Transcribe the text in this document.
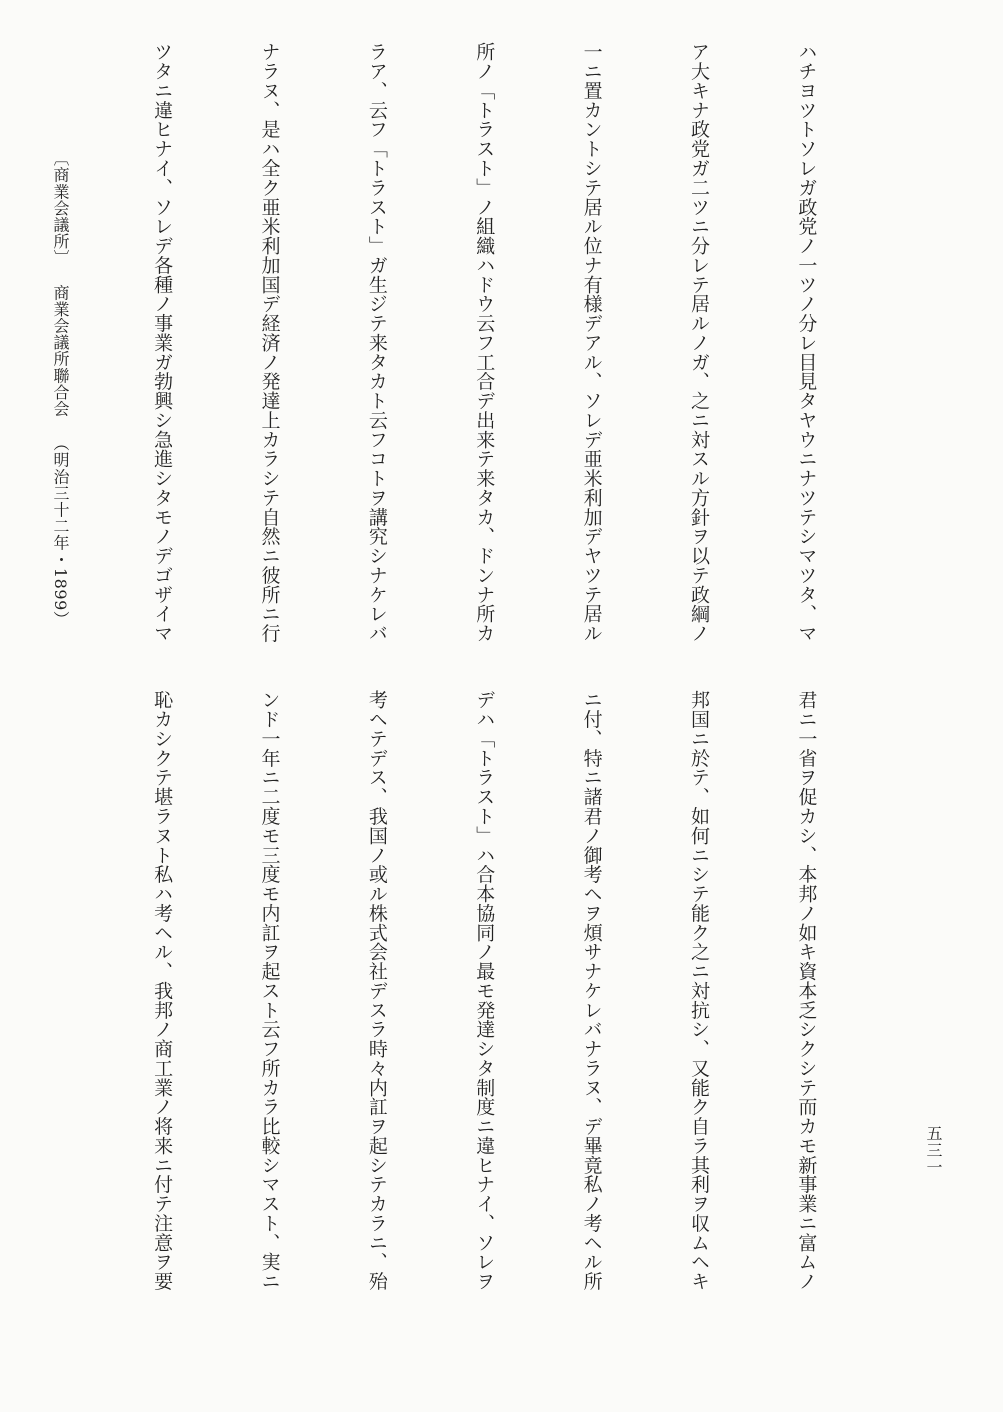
ハチヨツトソレガ政党ノ一ツノ分レ目見タヤウニナツテシマツタ、マ

ア大キナ政党ガ二ツニ分レテ居ルノガ、之ニ対スル方針ヲ以テ政綱ノ

一ニ置カントシテ居ル位ナ有様デアル、ソレデ亜米利加デヤツテ居ル

所ノ「トラスト」ノ組織ハドウ云フ工合デ出来テ来タカ、ドンナ所カ

ラア、云フ「トラスト」ガ生ジテ来タカト云フコトヲ講究シナケレバ

ナラヌ、是ハ全ク亜米利加国デ経済ノ発達上カラシテ自然ニ彼所ニ行

ツタニ違ヒナイ、ソレデ各種ノ事業ガ勃興シ急進シタモノデゴザイマ

君ニ一省ヲ促カシ、本邦ノ如キ資本乏シクシテ而カモ新事業ニ富ムノ

邦国ニ於テ、如何ニシテ能ク之ニ対抗シ、又能ク自ラ其利ヲ収ムヘキ

ニ付、特ニ諸君ノ御考ヘヲ煩サナケレバナラヌ、デ畢竟私ノ考ヘル所

デハ「トラスト」ハ合本協同ノ最モ発達シタ制度ニ違ヒナイ、ソレヲ

考ヘテデス、我国ノ或ル株式会社デスラ時々内訌ヲ起シテカラニ、殆

ンド一年ニ二度モ三度モ内訌ヲ起スト云フ所カラ比較シマスト、実ニ

恥カシクテ堪ラヌト私ハ考ヘル、我邦ノ商工業ノ将来ニ付テ注意ヲ要

	五三一
〔商業会議所〕商業会議所聯合会（明治三十二年・1899）
